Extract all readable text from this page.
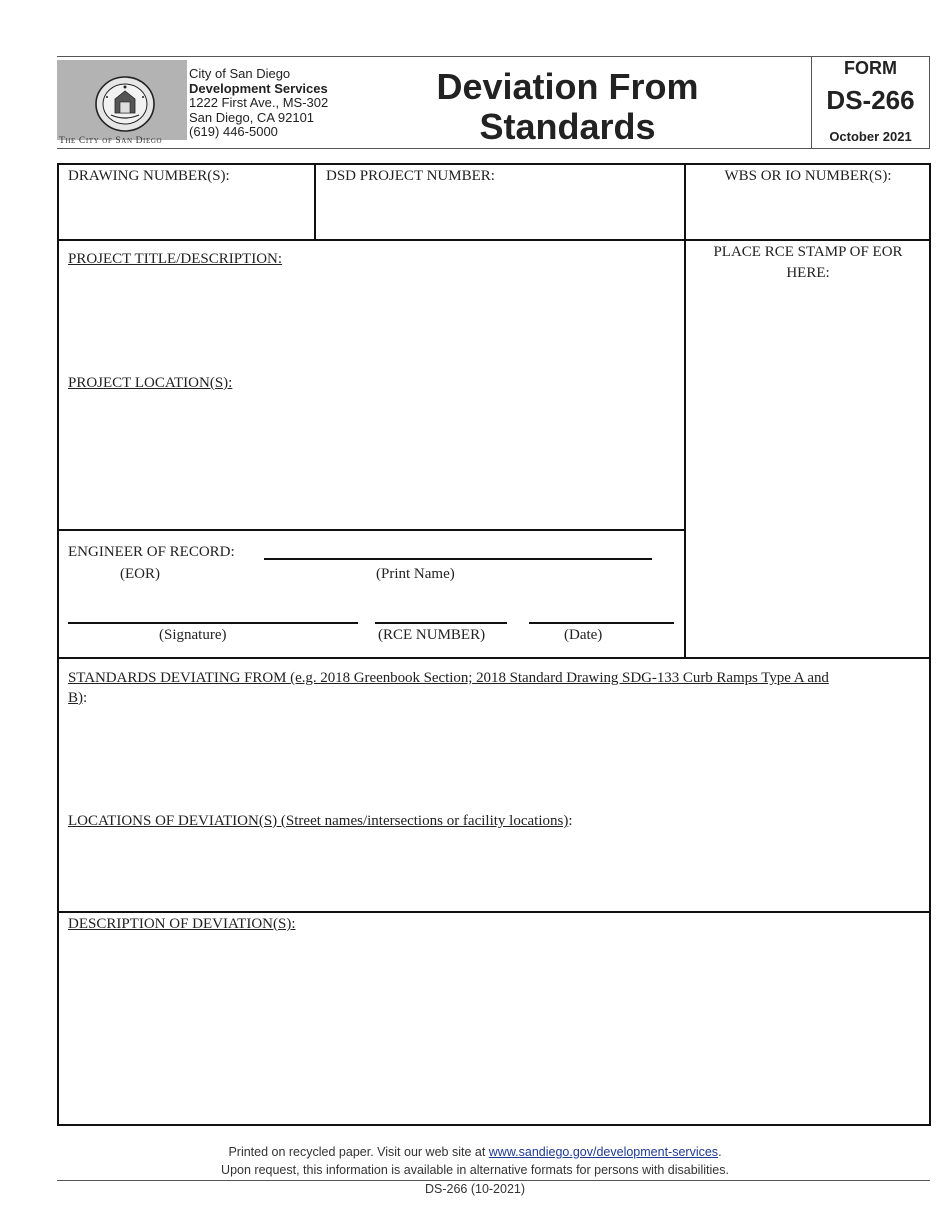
The City of San Diego
City of San Diego
Development Services
1222 First Ave., MS-302
San Diego, CA 92101
(619) 446-5000
Deviation From
Standards
FORM
DS-266
October 2021
DRAWING NUMBER(S):	DSD PROJECT NUMBER:	WBS OR IO NUMBER(S):
PROJECT TITLE/DESCRIPTION:
PROJECT LOCATION(S):
PLACE RCE STAMP OF EOR
HERE:
ENGINEER OF RECORD:
(EOR)	(Print Name)
(Signature)	(RCE NUMBER)	(Date)
STANDARDS DEVIATING FROM (e.g. 2018 Greenbook Section; 2018 Standard Drawing SDG-133 Curb Ramps Type A and
B):
LOCATIONS OF DEVIATION(S) (Street names/intersections or facility locations):
DESCRIPTION OF DEVIATION(S):
Printed on recycled paper. Visit our web site at www.sandiego.gov/development-services.
Upon request, this information is available in alternative formats for persons with disabilities.
DS-266 (10-2021)
